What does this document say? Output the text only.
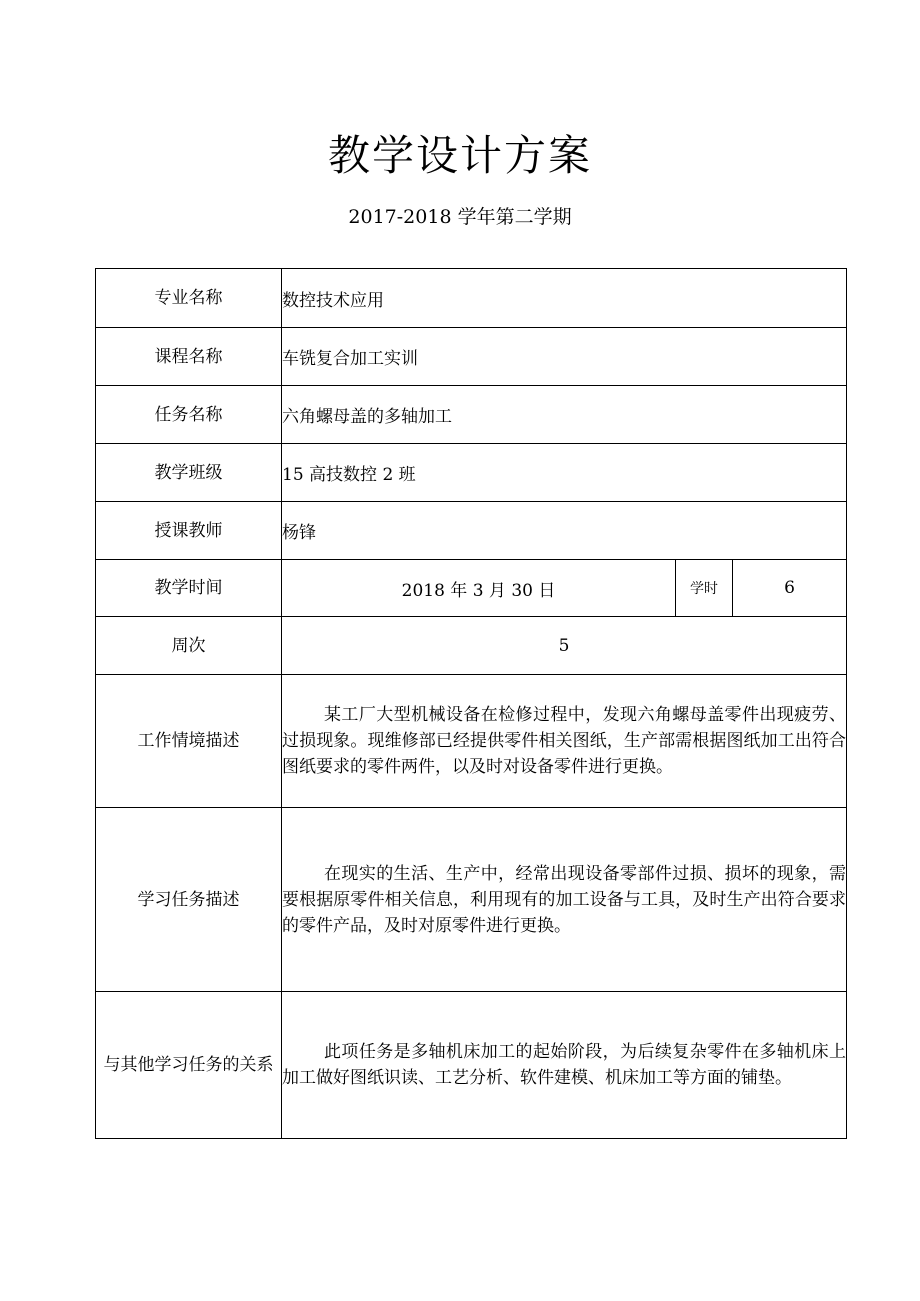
教学设计方案
2017-2018 学年第二学期
专业名称	数控技术应用		
课程名称	车铣复合加工实训		
任务名称	六角螺母盖的多轴加工		
教学班级	15 高技数控 2 班		
授课教师	杨锋		
教学时间	2018 年 3 月 30 日	学时	6
周次	5		
工作情境描述	某工厂大型机械设备在检修过程中，发现六角螺母盖零件出现疲劳、过损现象。现维修部已经提供零件相关图纸，生产部需根据图纸加工出符合图纸要求的零件两件，以及时对设备零件进行更换。		

学习任务描述	在现实的生活、生产中，经常出现设备零部件过损、损坏的现象，需要根据原零件相关信息，利用现有的加工设备与工具，及时生产出符合要求的零件产品，及时对原零件进行更换。		

与其他学习任务的关系	此项任务是多轴机床加工的起始阶段，为后续复杂零件在多轴机床上加工做好图纸识读、工艺分析、软件建模、机床加工等方面的铺垫。		
